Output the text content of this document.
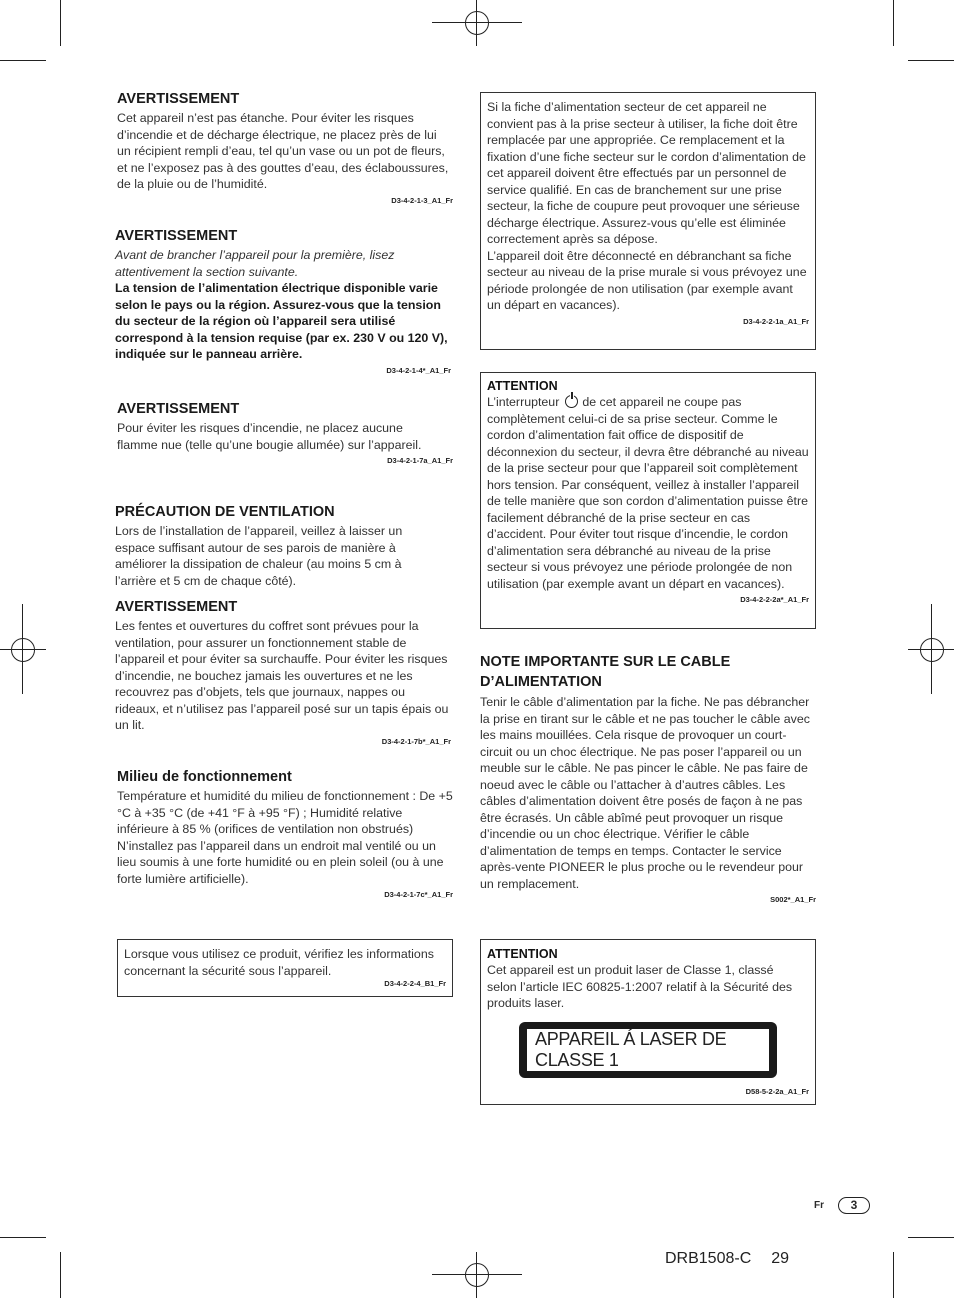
AVERTISSEMENT

Cet appareil n’est pas étanche. Pour éviter les risques d’incendie et de décharge électrique, ne placez près de lui un récipient rempli d’eau, tel qu’un vase ou un pot de fleurs, et ne l’exposez pas à des gouttes d’eau, des éclaboussures, de la pluie ou de l’humidité.

D3-4-2-1-3_A1_Fr
AVERTISSEMENT

Avant de brancher l’appareil pour la première, lisez attentivement la section suivante.

La tension de l’alimentation électrique disponible varie selon le pays ou la région. Assurez-vous que la tension du secteur de la région où l’appareil sera utilisé correspond à la tension requise (par ex. 230 V ou 120 V), indiquée sur le panneau arrière.

D3-4-2-1-4*_A1_Fr
AVERTISSEMENT

Pour éviter les risques d’incendie, ne placez aucune flamme nue (telle qu’une bougie allumée) sur l’appareil.

D3-4-2-1-7a_A1_Fr
PRÉCAUTION DE VENTILATION

Lors de l’installation de l’appareil, veillez à laisser un espace suffisant autour de ses parois de manière à améliorer la dissipation de chaleur (au moins 5 cm à l’arrière et 5 cm de chaque côté).

AVERTISSEMENT

Les fentes et ouvertures du coffret sont prévues pour la ventilation, pour assurer un fonctionnement stable de l’appareil et pour éviter sa surchauffe. Pour éviter les risques d’incendie, ne bouchez jamais les ouvertures et ne les recouvrez pas d’objets, tels que journaux, nappes ou rideaux, et n’utilisez pas l’appareil posé sur un tapis épais ou un lit.

D3-4-2-1-7b*_A1_Fr
Milieu de fonctionnement

Température et humidité du milieu de fonctionnement : De +5 °C à +35 °C (de +41 °F à +95 °F) ; Humidité relative inférieure à 85 % (orifices de ventilation non obstrués)

N’installez pas l’appareil dans un endroit mal ventilé ou un lieu soumis à une forte humidité ou en plein soleil (ou à une forte lumière artificielle).

D3-4-2-1-7c*_A1_Fr

Lorsque vous utilisez ce produit, vérifiez les informations concernant la sécurité sous l’appareil.

D3-4-2-2-4_B1_Fr

Si la fiche d’alimentation secteur de cet appareil ne convient pas à la prise secteur à utiliser, la fiche doit être remplacée par une appropriée. Ce remplacement et la fixation d’une fiche secteur sur le cordon d’alimentation de cet appareil doivent être effectués par un personnel de service qualifié. En cas de branchement sur une prise secteur, la fiche de coupure peut provoquer une sérieuse décharge électrique. Assurez-vous qu’elle est éliminée correctement après sa dépose.

L’appareil doit être déconnecté en débranchant sa fiche secteur au niveau de la prise murale si vous prévoyez une période prolongée de non utilisation (par exemple avant un départ en vacances).

D3-4-2-2-1a_A1_Fr
ATTENTION

L’interrupteur de cet appareil ne coupe pas complètement celui-ci de sa prise secteur. Comme le cordon d’alimentation fait office de dispositif de déconnexion du secteur, il devra être débranché au niveau de la prise secteur pour que l’appareil soit complètement hors tension. Par conséquent, veillez à installer l’appareil de telle manière que son cordon d’alimentation puisse être facilement débranché de la prise secteur en cas d’accident. Pour éviter tout risque d’incendie, le cordon d’alimentation sera débranché au niveau de la prise secteur si vous prévoyez une période prolongée de non utilisation (par exemple avant un départ en vacances).

D3-4-2-2-2a*_A1_Fr
NOTE IMPORTANTE SUR LE CABLE D’ALIMENTATION

Tenir le câble d’alimentation par la fiche. Ne pas débrancher la prise en tirant sur le câble et ne pas toucher le câble avec les mains mouillées. Cela risque de provoquer un court-circuit ou un choc électrique. Ne pas poser l’appareil ou un meuble sur le câble. Ne pas pincer le câble. Ne pas faire de noeud avec le câble ou l’attacher à d’autres câbles. Les câbles d’alimentation doivent être posés de façon à ne pas être écrasés. Un câble abîmé peut provoquer un risque d’incendie ou un choc électrique. Vérifier le câble d’alimentation de temps en temps. Contacter le service après-vente PIONEER le plus proche ou le revendeur pour un remplacement.

S002*_A1_Fr
ATTENTION

Cet appareil est un produit laser de Classe 1, classé selon l’article IEC 60825-1:2007 relatif à la Sécurité des produits laser.

APPAREIL Á LASER DE CLASSE 1
D58-5-2-2a_A1_Fr
Fr	3
DRB1508-C 29
